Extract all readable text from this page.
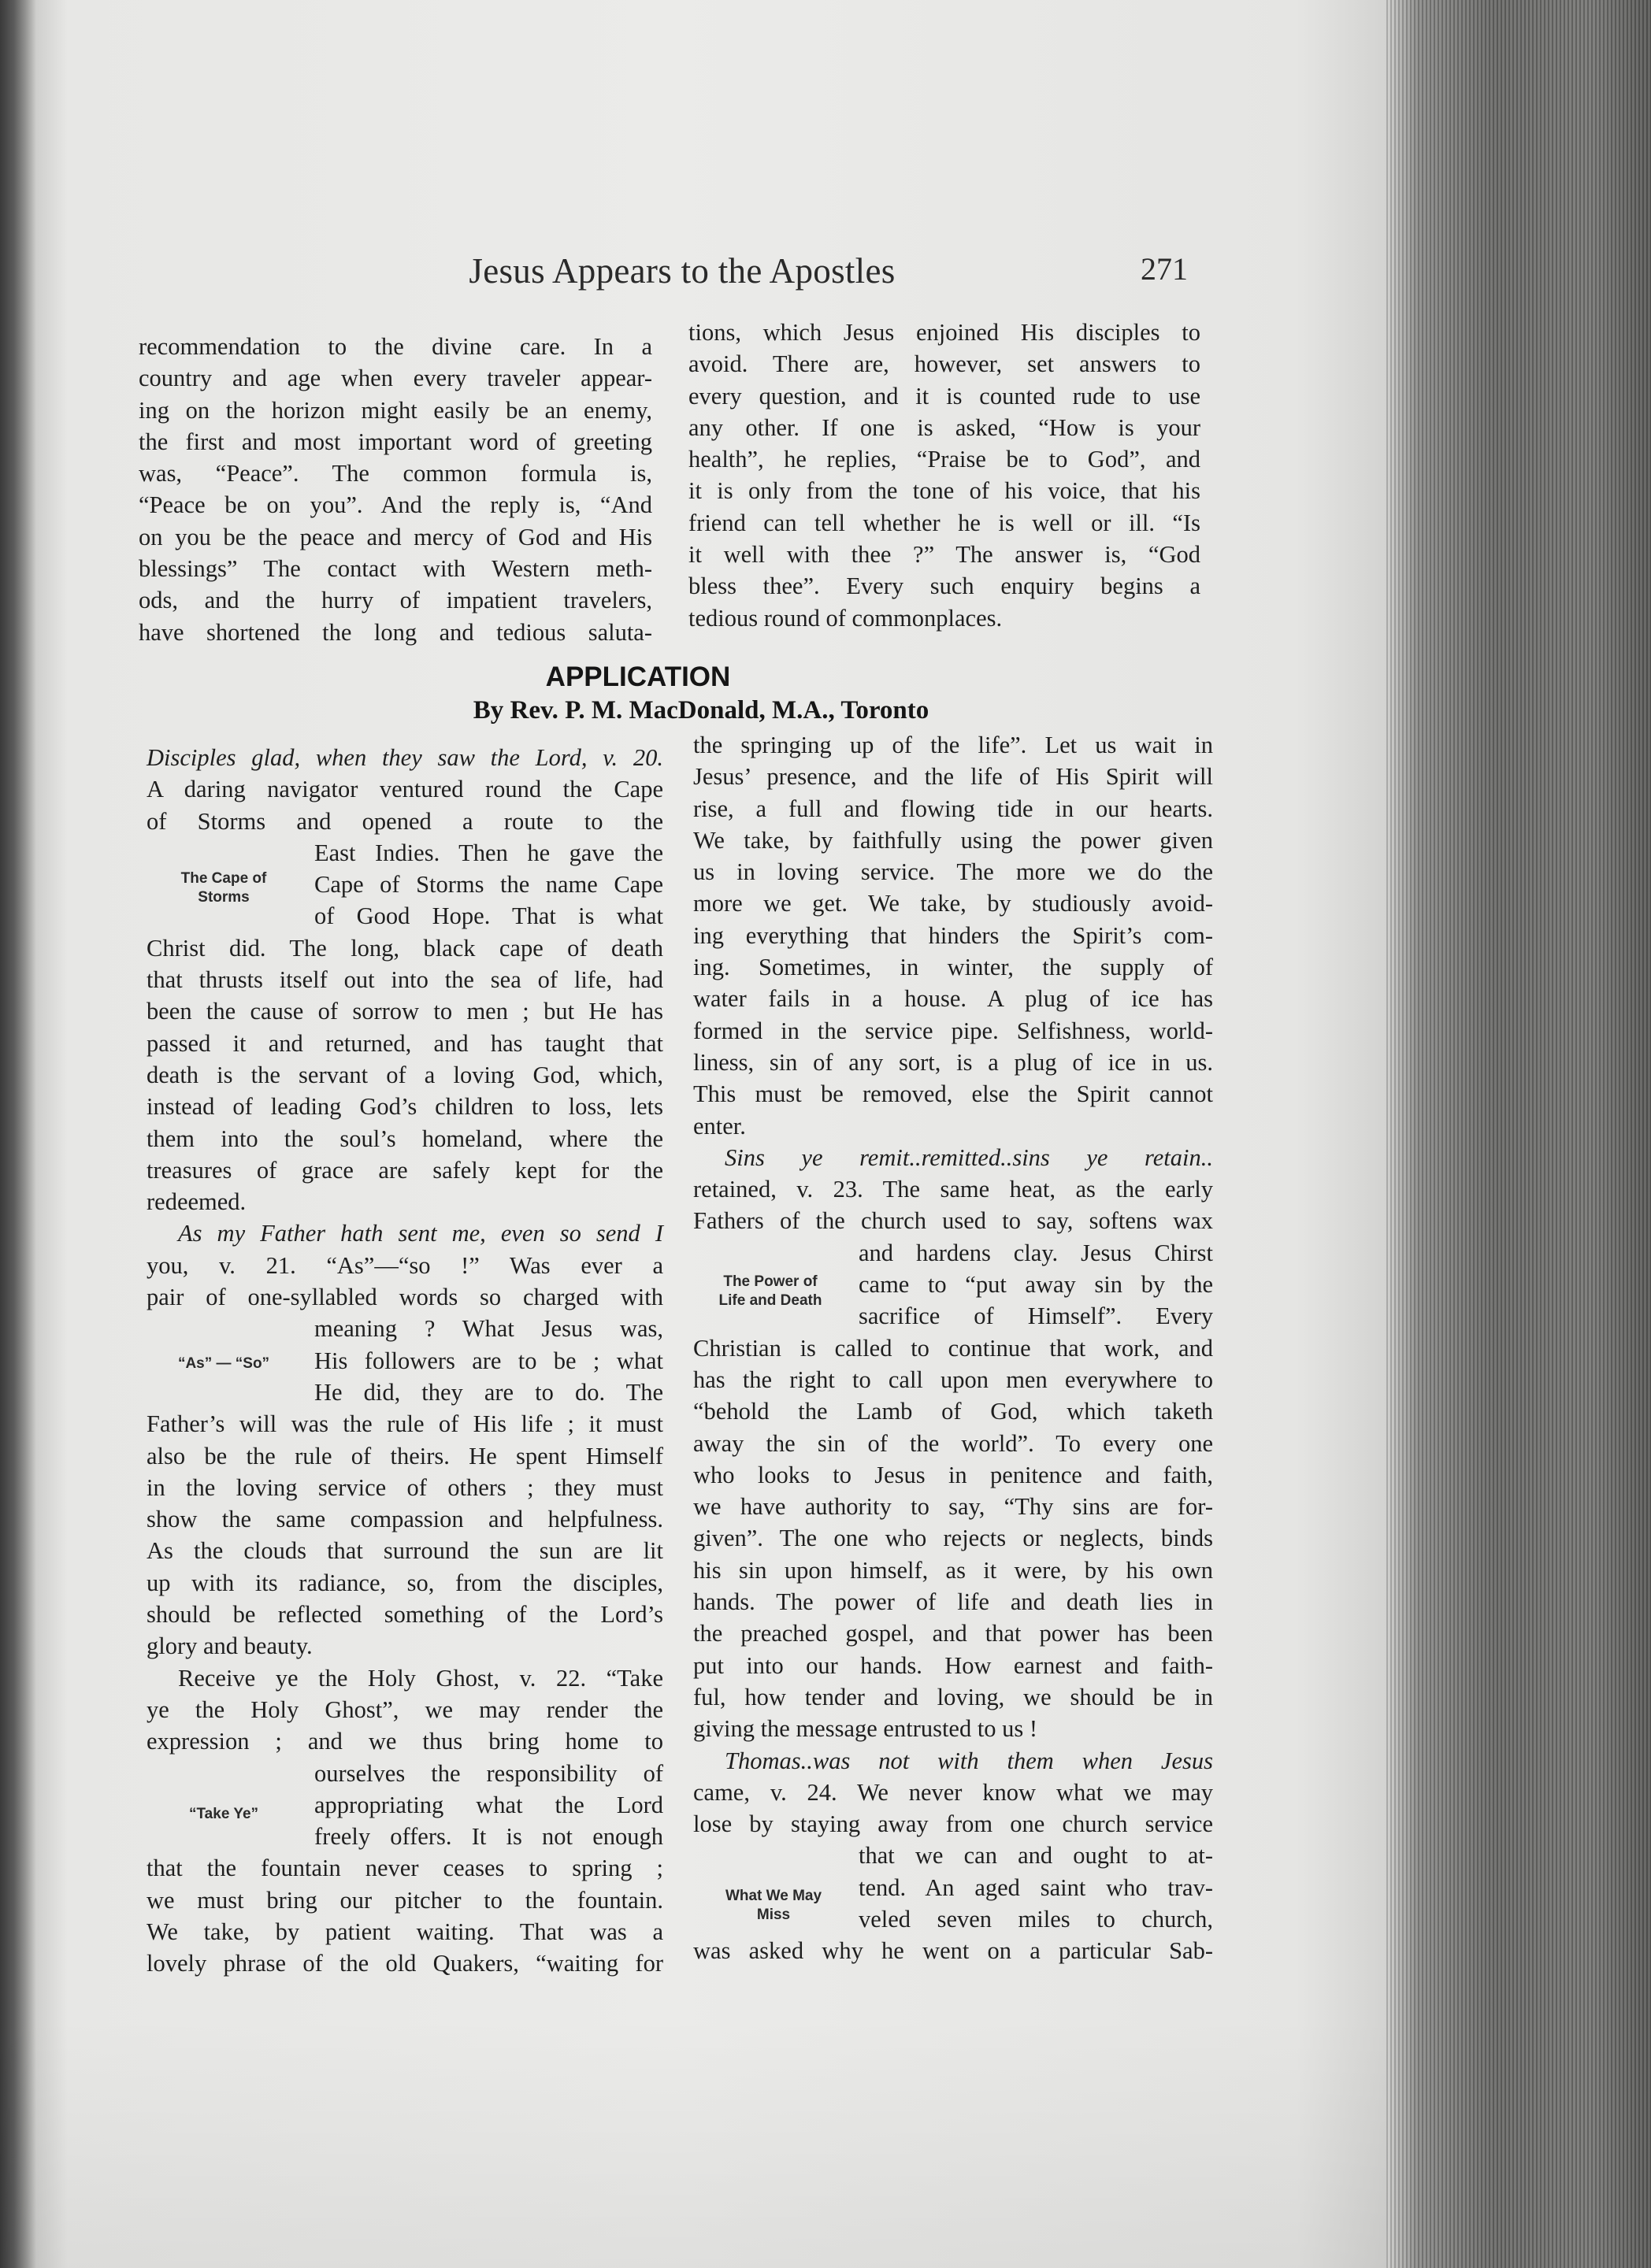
Jesus Appears to the Apostles	271
recommendation to the divine care. In a
country and age when every traveler appear-
ing on the horizon might easily be an enemy,
the first and most important word of greeting
was, “Peace”. The common formula is,
“Peace be on you”. And the reply is, “And
on you be the peace and mercy of God and His
blessings” The contact with Western meth-
ods, and the hurry of impatient travelers,
have shortened the long and tedious saluta-
tions, which Jesus enjoined His disciples to
avoid. There are, however, set answers to
every question, and it is counted rude to use
any other. If one is asked, “How is your
health”, he replies, “Praise be to God”, and
it is only from the tone of his voice, that his
friend can tell whether he is well or ill. “Is
it well with thee ?” The answer is, “God
bless thee”. Every such enquiry begins a
tedious round of commonplaces.
APPLICATION
By Rev. P. M. MacDonald, M.A., Toronto
Disciples glad, when they saw the Lord, v. 20.
A daring navigator ventured round the Cape
of Storms and opened a route to the
East Indies. Then he gave the
Cape of Storms the name Cape
of Good Hope. That is what
Christ did. The long, black cape of death
that thrusts itself out into the sea of life, had
been the cause of sorrow to men ; but He has
passed it and returned, and has taught that
death is the servant of a loving God, which,
instead of leading God’s children to loss, lets
them into the soul’s homeland, where the
treasures of grace are safely kept for the
redeemed.
As my Father hath sent me, even so send I
you, v. 21. “As”—“so !” Was ever a
pair of one-syllabled words so charged with
meaning ? What Jesus was,
His followers are to be ; what
He did, they are to do. The
Father’s will was the rule of His life ; it must
also be the rule of theirs. He spent Himself
in the loving service of others ; they must
show the same compassion and helpfulness.
As the clouds that surround the sun are lit
up with its radiance, so, from the disciples,
should be reflected something of the Lord’s
glory and beauty.
Receive ye the Holy Ghost, v. 22. “Take
ye the Holy Ghost”, we may render the
expression ; and we thus bring home to
ourselves the responsibility of
appropriating what the Lord
freely offers. It is not enough
that the fountain never ceases to spring ;
we must bring our pitcher to the fountain.
We take, by patient waiting. That was a
lovely phrase of the old Quakers, “waiting for
the springing up of the life”. Let us wait in
Jesus’ presence, and the life of His Spirit will
rise, a full and flowing tide in our hearts.
We take, by faithfully using the power given
us in loving service. The more we do the
more we get. We take, by studiously avoid-
ing everything that hinders the Spirit’s com-
ing. Sometimes, in winter, the supply of
water fails in a house. A plug of ice has
formed in the service pipe. Selfishness, world-
liness, sin of any sort, is a plug of ice in us.
This must be removed, else the Spirit cannot
enter.
Sins ye remit..remitted..sins ye retain..
retained, v. 23. The same heat, as the early
Fathers of the church used to say, softens wax
and hardens clay. Jesus Chirst
came to “put away sin by the
sacrifice of Himself”. Every
Christian is called to continue that work, and
has the right to call upon men everywhere to
“behold the Lamb of God, which taketh
away the sin of the world”. To every one
who looks to Jesus in penitence and faith,
we have authority to say, “Thy sins are for-
given”. The one who rejects or neglects, binds
his sin upon himself, as it were, by his own
hands. The power of life and death lies in
the preached gospel, and that power has been
put into our hands. How earnest and faith-
ful, how tender and loving, we should be in
giving the message entrusted to us !
Thomas..was not with them when Jesus
came, v. 24. We never know what we may
lose by staying away from one church service
that we can and ought to at-
tend. An aged saint who trav-
veled seven miles to church,
was asked why he went on a particular Sab-
The Cape of
Storms
“As” — “So”
“Take Ye”
The Power of
Life and Death
What We May
Miss
